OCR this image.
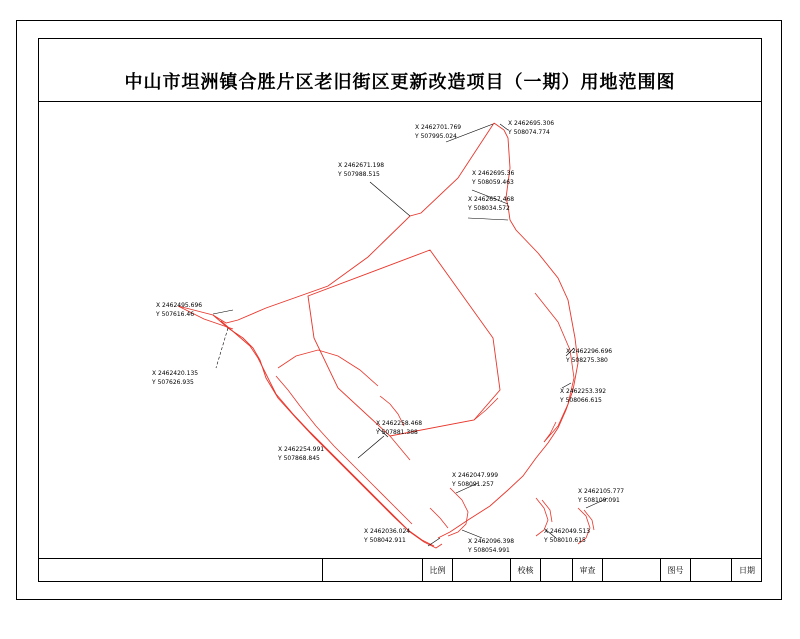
中山市坦洲镇合胜片区老旧街区更新改造项目（一期）用地范围图
X 2462701.769
Y 507995.024
X 2462695.306
Y 508074.774
X 2462671.198
Y 507988.515	X 2462695.36
Y 508059.463
X 2462657.468
Y 508034.572
X 2462495.696
Y 507616.46
X 2462420.135
Y 507626.935
X 2462296.696
Y 508275.380
X 2462253.392
Y 508066.615
X 2462258.468
Y 507881.388
X 2462254.991
Y 507868.845
X 2462047.999
Y 508091.257
X 2462105.777
Y 508109.091
X 2462036.024
Y 508042.911	X 2462096.398
Y 508054.991
X 2462049.513
Y 508010.615
比例	校核	审查	图号	日期
